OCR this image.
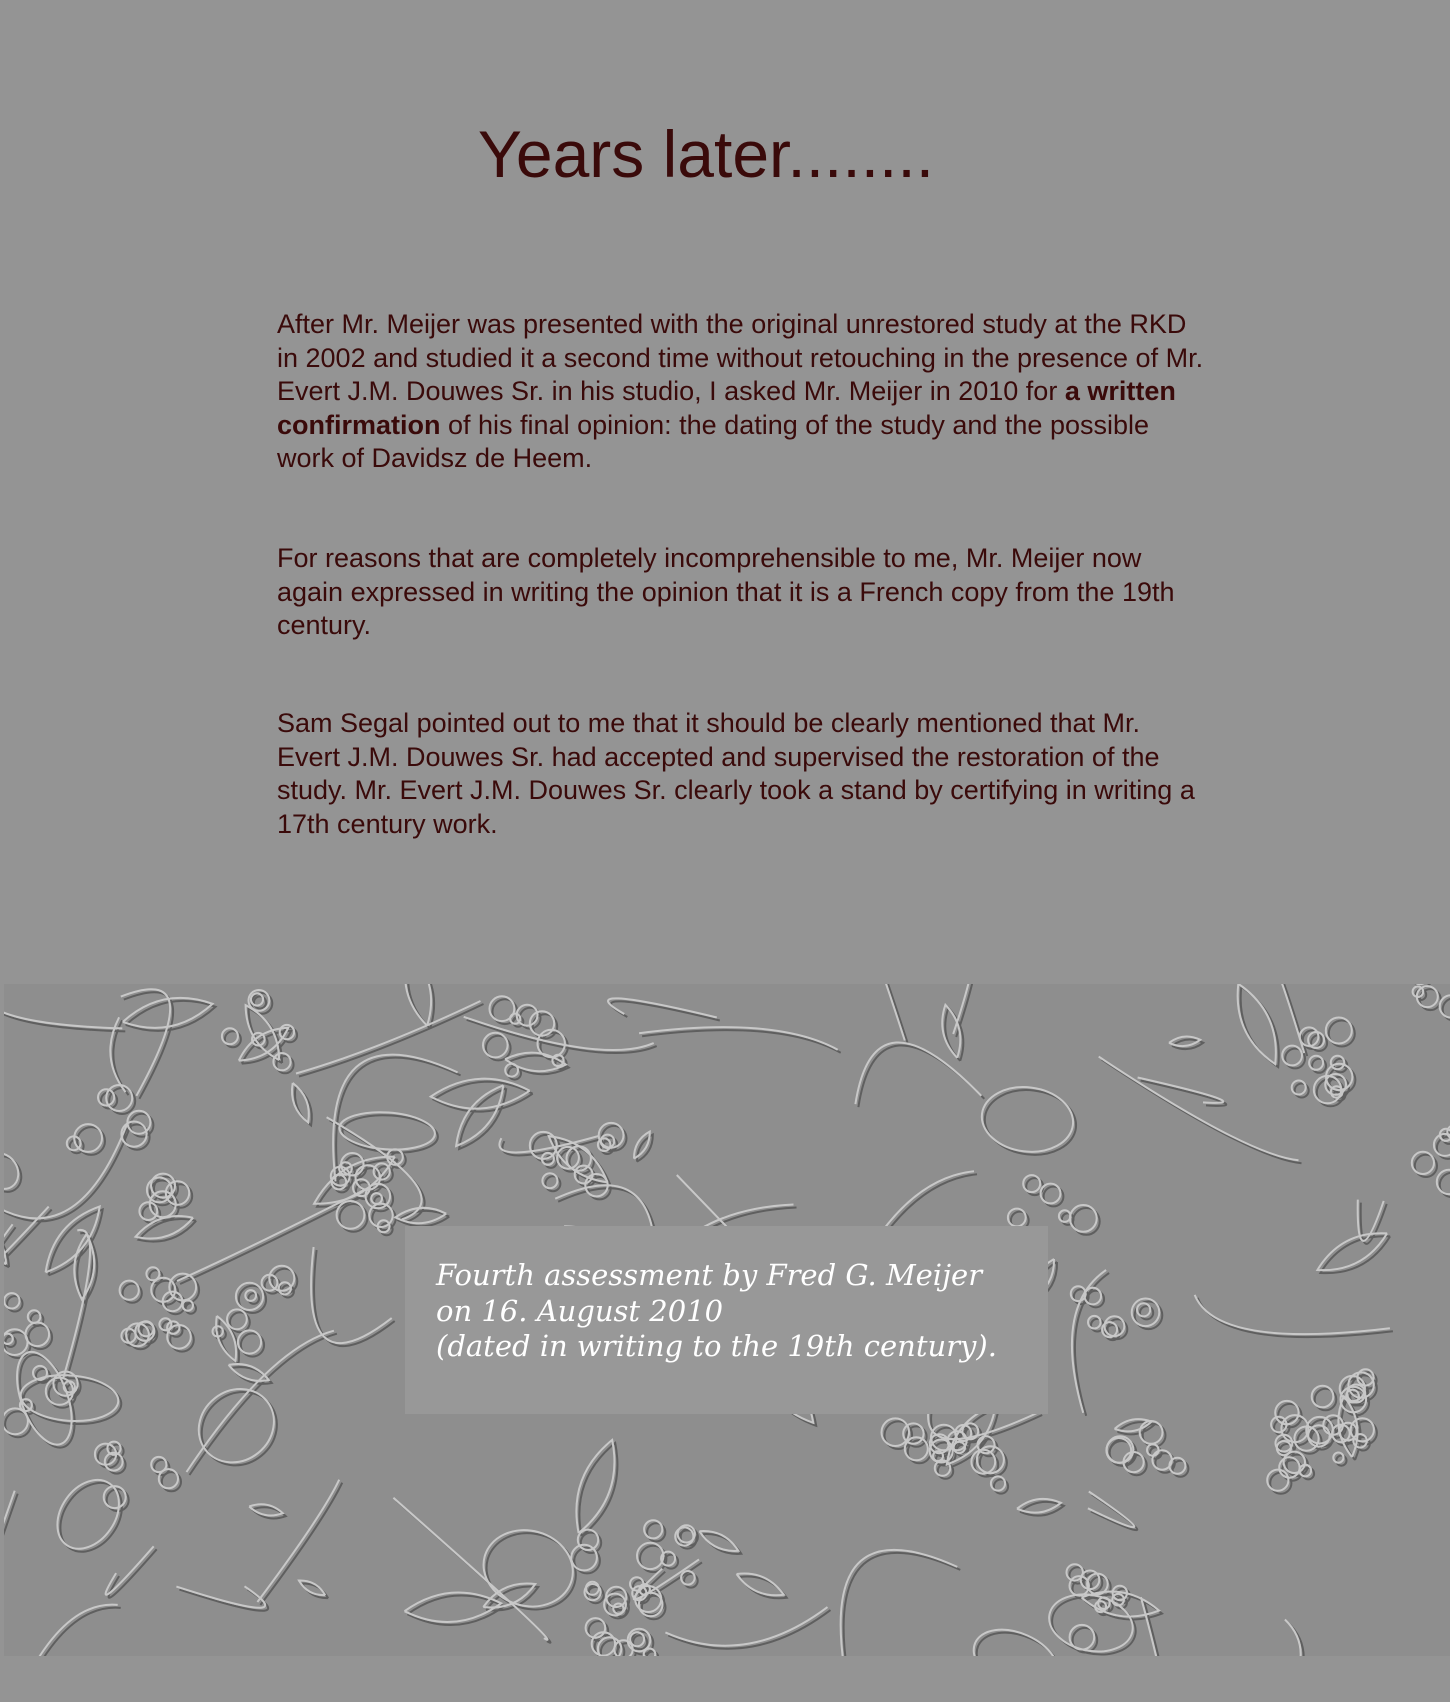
Years later........

After Mr. Meijer was presented with the original unrestored study at the RKD in 2002 and studied it a second time without retouching in the presence of Mr. Evert J.M. Douwes Sr. in his studio, I asked Mr. Meijer in 2010 for a written confirmation of his final opinion: the dating of the study and the possible work of Davidsz de Heem.

For reasons that are completely incomprehensible to me, Mr. Meijer now again expressed in writing the opinion that it is a French copy from the 19th century.

Sam Segal pointed out to me that it should be clearly mentioned that Mr. Evert J.M. Douwes Sr. had accepted and supervised the restoration of the study. Mr. Evert J.M. Douwes Sr. clearly took a stand by certifying in writing a 17th century work.

Fourth assessment by Fred G. Meijer
on 16. August 2010
(dated in writing to the 19th century).
